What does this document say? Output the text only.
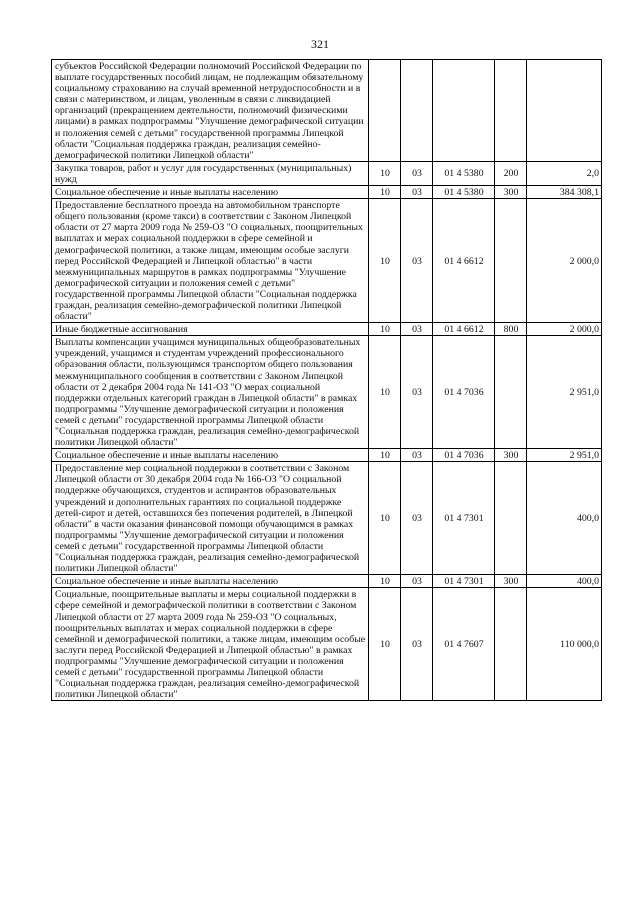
321
субъектов Российской Федерации полномочий Российской Федерации по выплате государственных пособий лицам, не подлежащим обязательному социальному страхованию на случай временной нетрудоспособности и в связи с материнством, и лицам, уволенным в связи с ликвидацией организаций (прекращением деятельности, полномочий физическими лицами) в рамках подпрограммы "Улучшение демографической ситуации и положения семей с детьми" государственной программы Липецкой области "Социальная поддержка граждан, реализация семейно-демографической политики Липецкой области"					
Закупка товаров, работ и услуг для государственных (муниципальных) нужд	10	03	01 4 5380	200	2,0
Социальное обеспечение и иные выплаты населению	10	03	01 4 5380	300	384 308,1
Предоставление бесплатного проезда на автомобильном транспорте общего пользования (кроме такси) в соответствии с Законом Липецкой области от 27 марта 2009 года № 259-ОЗ "О социальных, поощрительных выплатах и мерах социальной поддержки в сфере семейной и демографической политики, а также лицам, имеющим особые заслуги перед Российской Федерацией и Липецкой областью" в части межмуниципальных маршрутов в рамках подпрограммы "Улучшение демографической ситуации и положения семей с детьми" государственной программы Липецкой области "Социальная поддержка граждан, реализация семейно-демографической политики Липецкой области"	10	03	01 4 6612		2 000,0
Иные бюджетные ассигнования	10	03	01 4 6612	800	2 000,0
Выплаты компенсации учащимся муниципальных общеобразовательных учреждений, учащимся и студентам учреждений профессионального образования области, пользующимся транспортом общего пользования межмуниципального сообщения в соответствии с Законом Липецкой области от 2 декабря 2004 года № 141-ОЗ "О мерах социальной поддержки отдельных категорий граждан в Липецкой области" в рамках подпрограммы "Улучшение демографической ситуации и положения семей с детьми" государственной программы Липецкой области "Социальная поддержка граждан, реализация семейно-демографической политики Липецкой области"	10	03	01 4 7036		2 951,0
Социальное обеспечение и иные выплаты населению	10	03	01 4 7036	300	2 951,0
Предоставление мер социальной поддержки в соответствии с Законом Липецкой области от 30 декабря 2004 года № 166-ОЗ "О социальной поддержке обучающихся, студентов и аспирантов образовательных учреждений и дополнительных гарантиях по социальной поддержке детей-сирот и детей, оставшихся без попечения родителей, в Липецкой области" в части оказания финансовой помощи обучающимся в рамках подпрограммы "Улучшение демографической ситуации и положения семей с детьми" государственной программы Липецкой области "Социальная поддержка граждан, реализация семейно-демографической политики Липецкой области"	10	03	01 4 7301		400,0
Социальное обеспечение и иные выплаты населению	10	03	01 4 7301	300	400,0
Социальные, поощрительные выплаты и меры социальной поддержки в сфере семейной и демографической политики в соответствии с Законом Липецкой области от 27 марта 2009 года № 259-ОЗ "О социальных, поощрительных выплатах и мерах социальной поддержки в сфере семейной и демографической политики, а также лицам, имеющим особые заслуги перед Российской Федерацией и Липецкой областью" в рамках подпрограммы "Улучшение демографической ситуации и положения семей с детьми" государственной программы Липецкой области "Социальная поддержка граждан, реализация семейно-демографической политики Липецкой области"	10	03	01 4 7607		110 000,0
